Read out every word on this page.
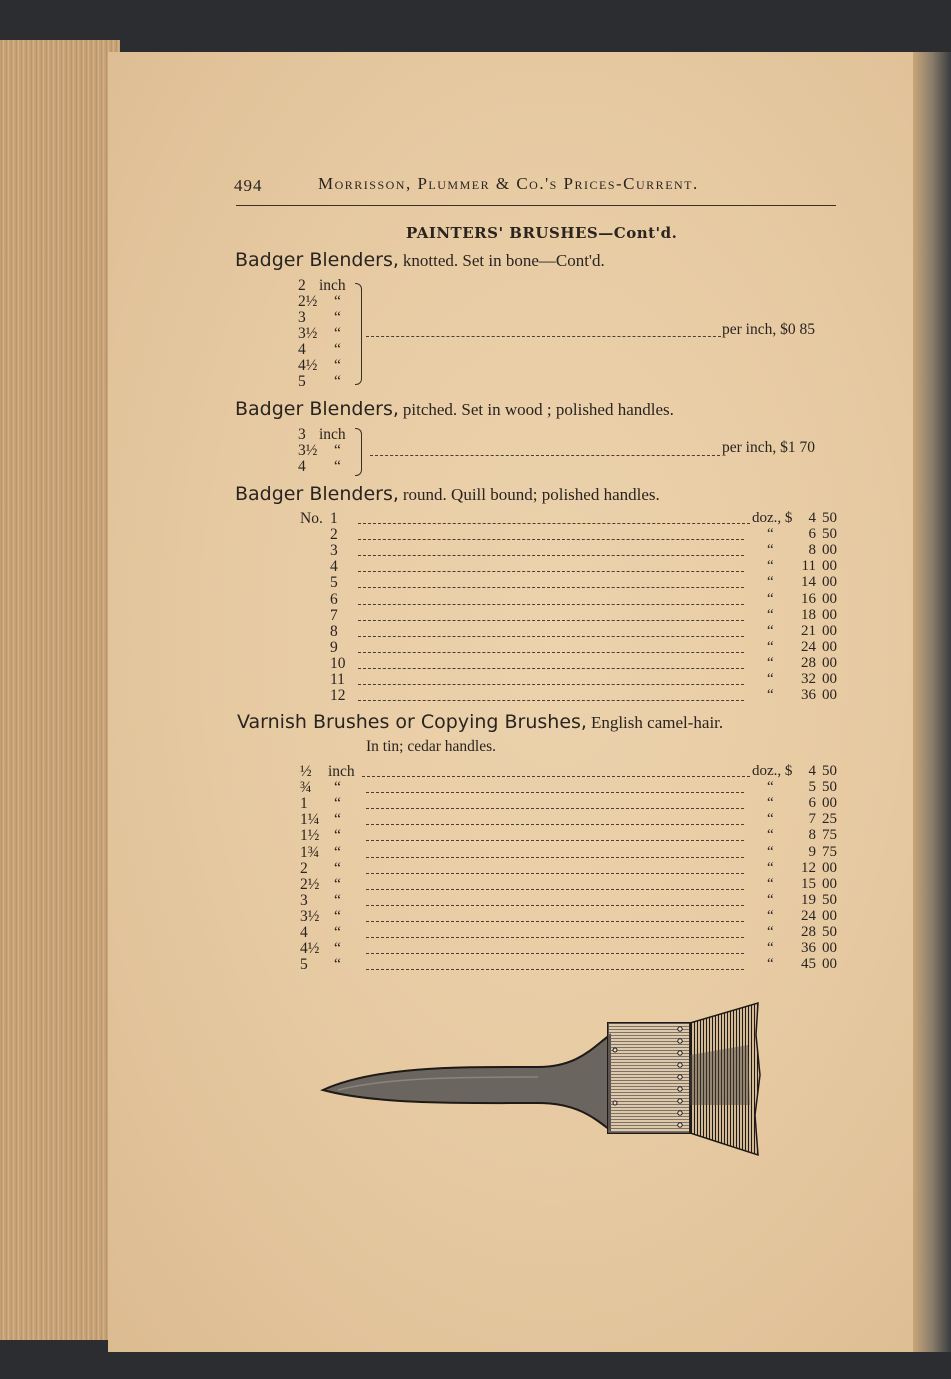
494	Morrisson, Plummer & Co.'s Prices-Current.
PAINTERS' BRUSHES—Cont'd.
Badger Blenders, knotted. Set in bone—Cont'd.
2 inch
2½ “
3 “
3½ “
4 “
4½ “
5 “
per inch, $0 85
Badger Blenders, pitched. Set in wood ; polished handles.
3 inch
3½ “
4 “
per inch, $1 70
Badger Blenders, round. Quill bound; polished handles.
No. 1	doz., $	4 50
2	“	6 50
3	“	8 00
4	“	11 00
5	“	14 00
6	“	16 00
7	“	18 00
8	“	21 00
9	“	24 00
10	“	28 00
11	“	32 00
12	“	36 00
Varnish Brushes or Copying Brushes, English camel-hair.
In tin; cedar handles.
½ inch	doz., $	4 50
¾ “	“	5 50
1 “	“	6 00
1¼ “	“	7 25
1½ “	“	8 75
1¾ “	“	9 75
2 “	“	12 00
2½ “	“	15 00
3 “	“	19 50
3½ “	“	24 00
4 “	“	28 50
4½ “	“	36 00
5 “	“	45 00
